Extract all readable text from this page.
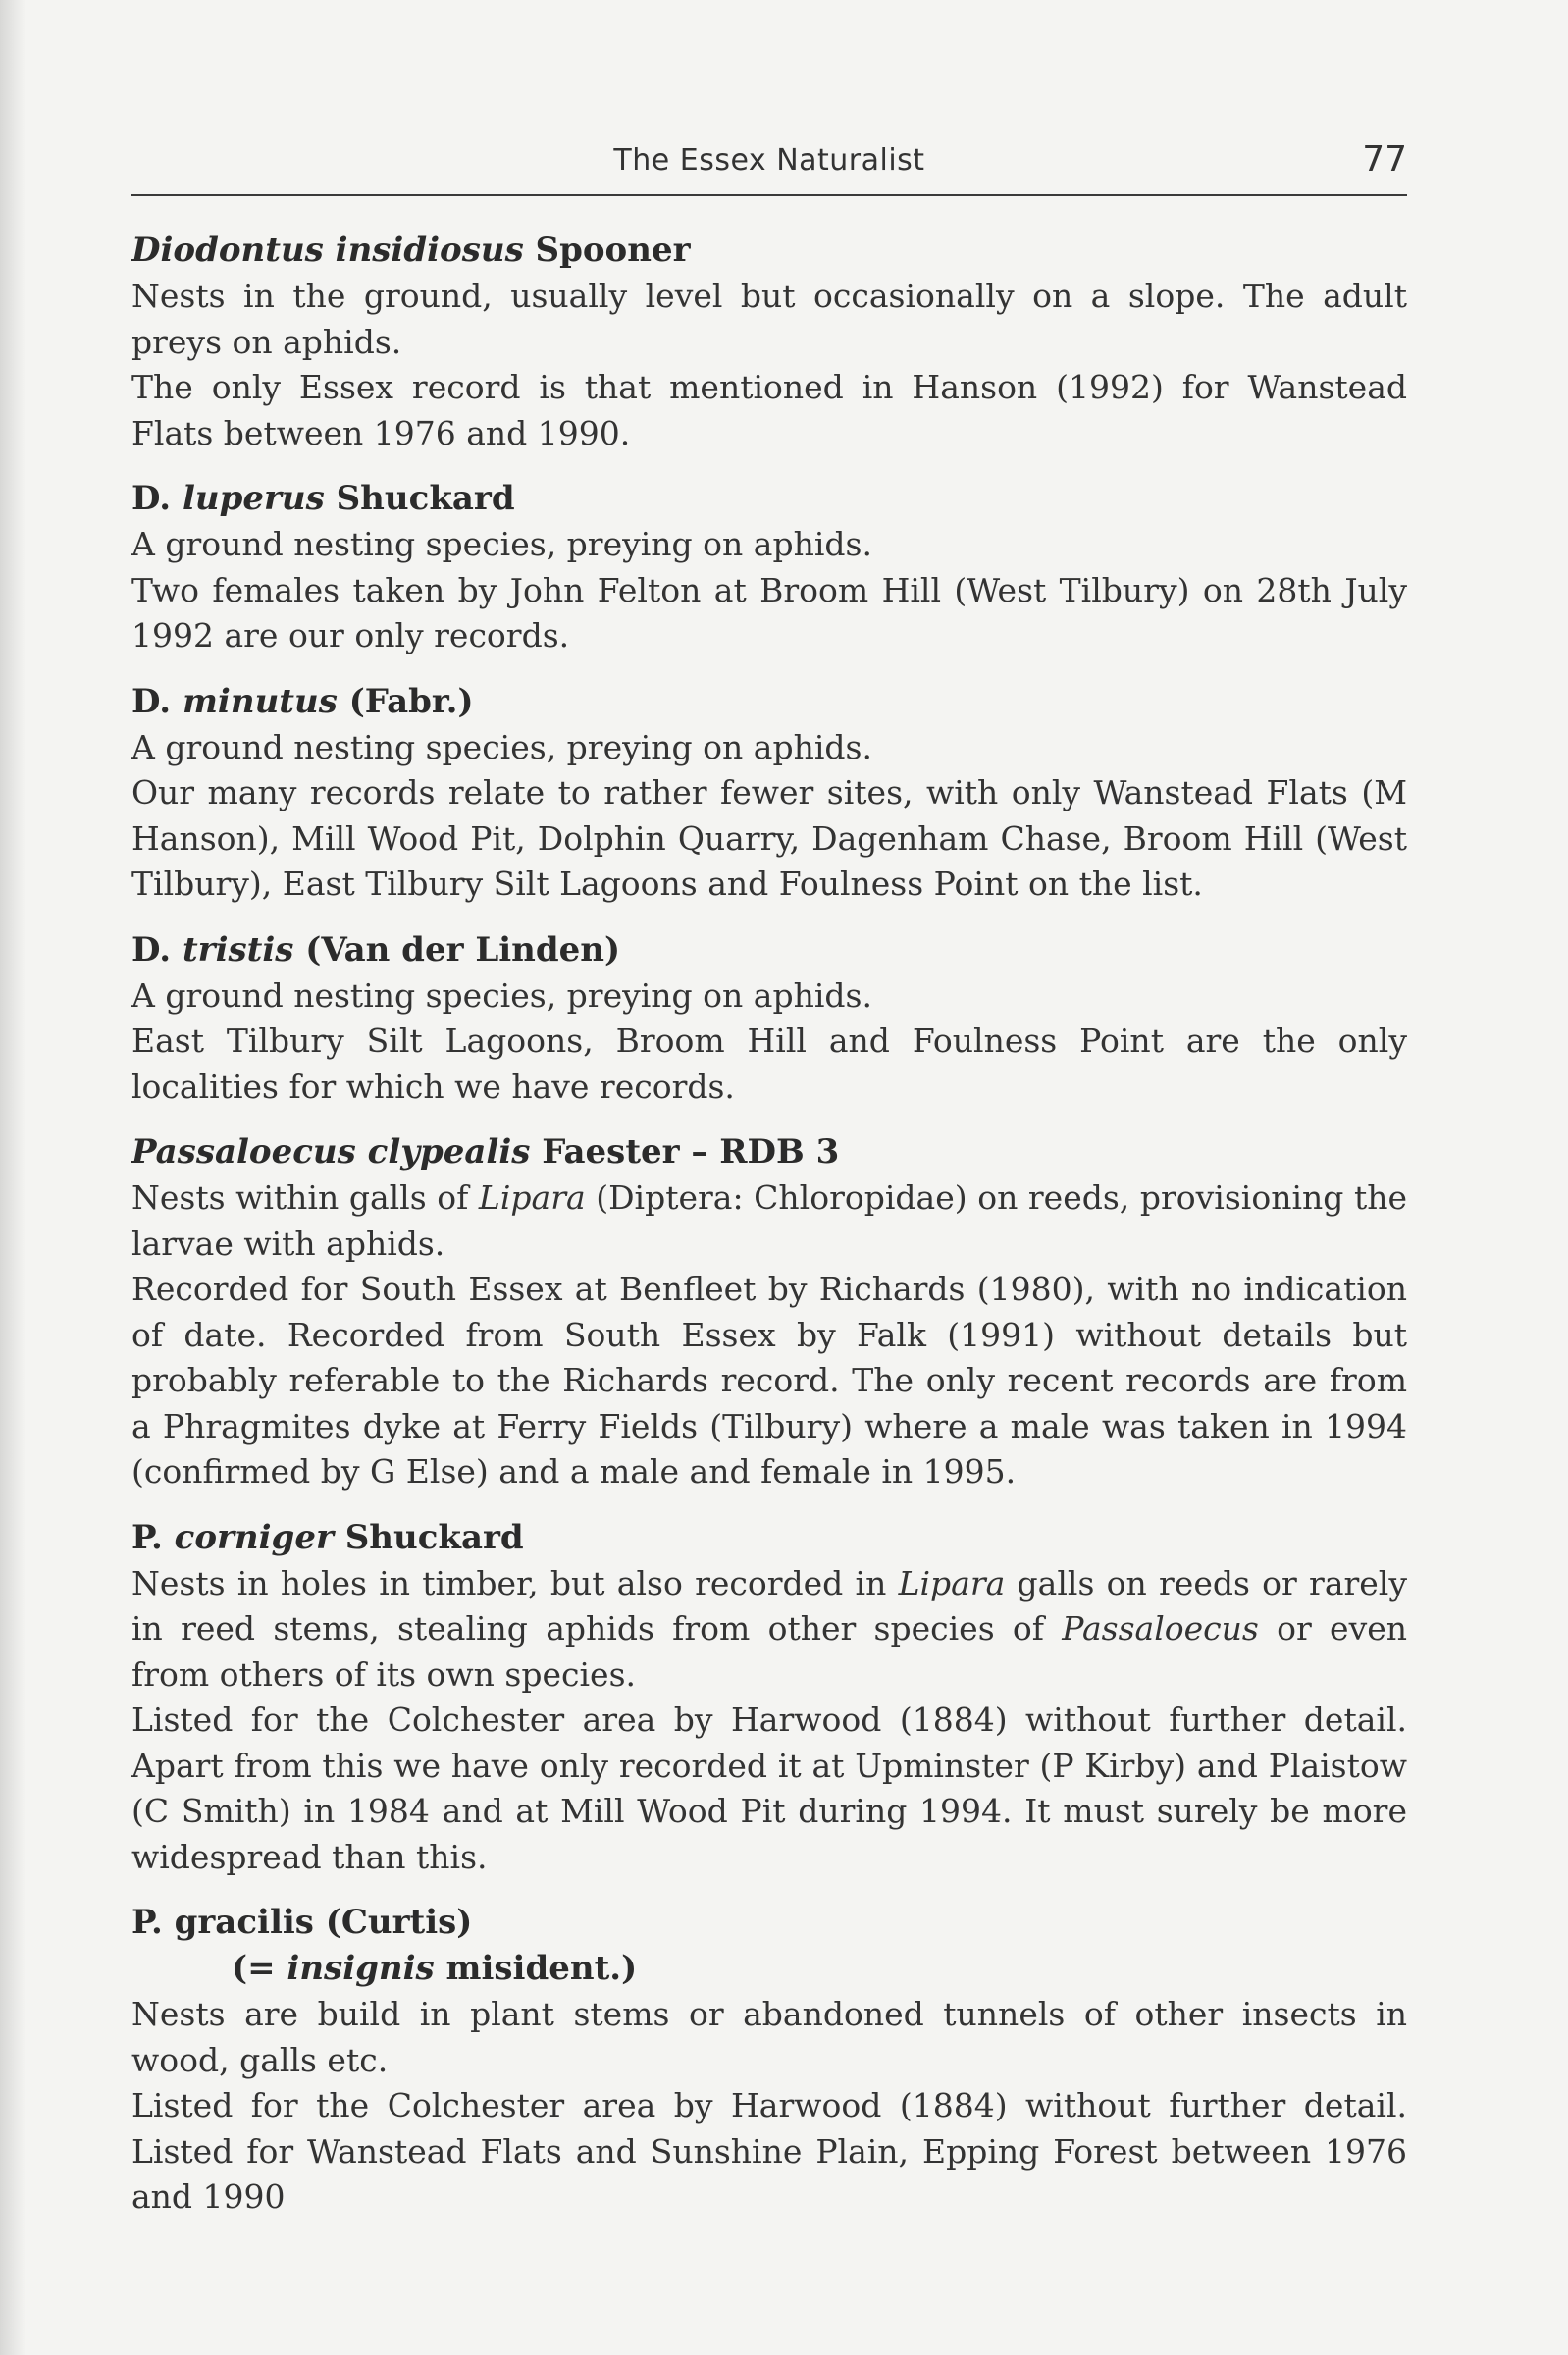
The Essex Naturalist	77

Diodontus insidiosus Spooner

Nests in the ground, usually level but occasionally on a slope. The adult preys on aphids.

The only Essex record is that mentioned in Hanson (1992) for Wanstead Flats between 1976 and 1990.

D. luperus Shuckard

A ground nesting species, preying on aphids.

Two females taken by John Felton at Broom Hill (West Tilbury) on 28th July 1992 are our only records.

D. minutus (Fabr.)

A ground nesting species, preying on aphids.

Our many records relate to rather fewer sites, with only Wanstead Flats (M Hanson), Mill Wood Pit, Dolphin Quarry, Dagenham Chase, Broom Hill (West Tilbury), East Tilbury Silt Lagoons and Foulness Point on the list.

D. tristis (Van der Linden)

A ground nesting species, preying on aphids.

East Tilbury Silt Lagoons, Broom Hill and Foulness Point are the only localities for which we have records.

Passaloecus clypealis Faester – RDB 3

Nests within galls of Lipara (Diptera: Chloropidae) on reeds, provisioning the larvae with aphids.

Recorded for South Essex at Benfleet by Richards (1980), with no indication of date. Recorded from South Essex by Falk (1991) without details but probably referable to the Richards record. The only recent records are from a Phragmites dyke at Ferry Fields (Tilbury) where a male was taken in 1994 (confirmed by G Else) and a male and female in 1995.

P. corniger Shuckard

Nests in holes in timber, but also recorded in Lipara galls on reeds or rarely in reed stems, stealing aphids from other species of Passaloecus or even from others of its own species.

Listed for the Colchester area by Harwood (1884) without further detail. Apart from this we have only recorded it at Upminster (P Kirby) and Plaistow (C Smith) in 1984 and at Mill Wood Pit during 1994. It must surely be more widespread than this.

P. gracilis (Curtis)

(= insignis misident.)

Nests are build in plant stems or abandoned tunnels of other insects in wood, galls etc.

Listed for the Colchester area by Harwood (1884) without further detail. Listed for Wanstead Flats and Sunshine Plain, Epping Forest between 1976 and 1990
